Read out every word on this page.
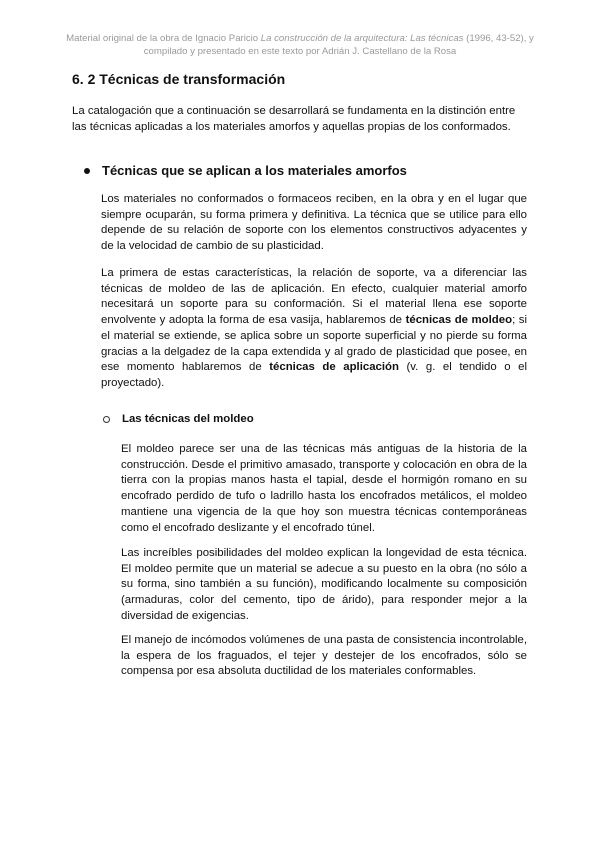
Material original de la obra de Ignacio Paricio La construcción de la arquitectura: Las técnicas (1996, 43-52), y
compilado y presentado en este texto por Adrián J. Castellano de la Rosa
6. 2 Técnicas de transformación

La catalogación que a continuación se desarrollará se fundamenta en la distinción entre las técnicas aplicadas a los materiales amorfos y aquellas propias de los conformados.

Técnicas que se aplican a los materiales amorfos

Los materiales no conformados o formaceos reciben, en la obra y en el lugar que siempre ocuparán, su forma primera y definitiva. La técnica que se utilice para ello depende de su relación de soporte con los elementos constructivos adyacentes y de la velocidad de cambio de su plasticidad.

La primera de estas características, la relación de soporte, va a diferenciar las técnicas de moldeo de las de aplicación. En efecto, cualquier material amorfo necesitará un soporte para su conformación. Si el material llena ese soporte envolvente y adopta la forma de esa vasija, hablaremos de técnicas de moldeo; si el material se extiende, se aplica sobre un soporte superficial y no pierde su forma gracias a la delgadez de la capa extendida y al grado de plasticidad que posee, en ese momento hablaremos de técnicas de aplicación (v. g. el tendido o el proyectado).

Las técnicas del moldeo

El moldeo parece ser una de las técnicas más antiguas de la historia de la construcción. Desde el primitivo amasado, transporte y colocación en obra de la tierra con la propias manos hasta el tapial, desde el hormigón romano en su encofrado perdido de tufo o ladrillo hasta los encofrados metálicos, el moldeo mantiene una vigencia de la que hoy son muestra técnicas contemporáneas como el encofrado deslizante y el encofrado túnel.

Las increíbles posibilidades del moldeo explican la longevidad de esta técnica. El moldeo permite que un material se adecue a su puesto en la obra (no sólo a su forma, sino también a su función), modificando localmente su composición (armaduras, color del cemento, tipo de árido), para responder mejor a la diversidad de exigencias.

El manejo de incómodos volúmenes de una pasta de consistencia incontrolable, la espera de los fraguados, el tejer y destejer de los encofrados, sólo se compensa por esa absoluta ductilidad de los materiales conformables.
